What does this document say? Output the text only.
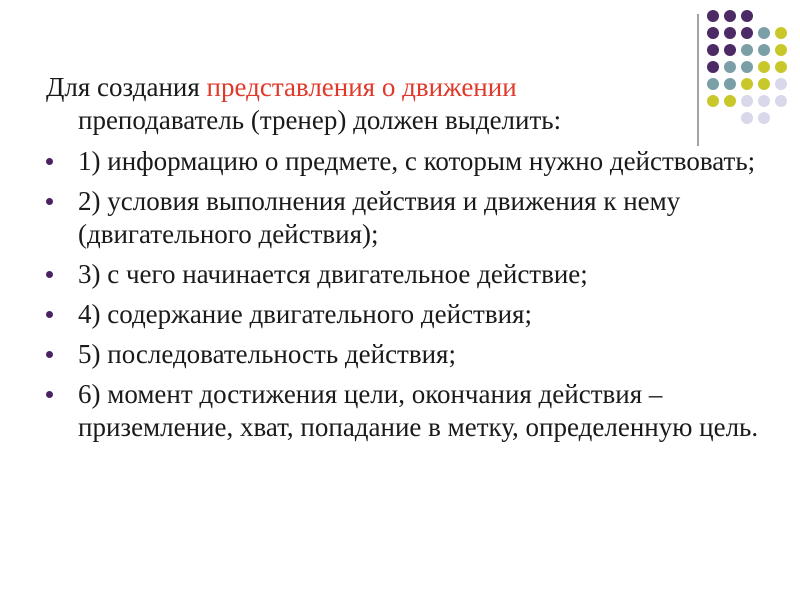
Для создания представления о движении
преподаватель (тренер) должен выделить:

1) информацию о предмете, с которым нужно действовать;
2) условия выполнения действия и движения к нему (двигательного действия);
3) с чего начинается двигательное действие;
4) содержание двигательного действия;
5) последовательность действия;
6) момент достижения цели, окончания действия – приземление, хват, попадание в метку, определенную цель.
